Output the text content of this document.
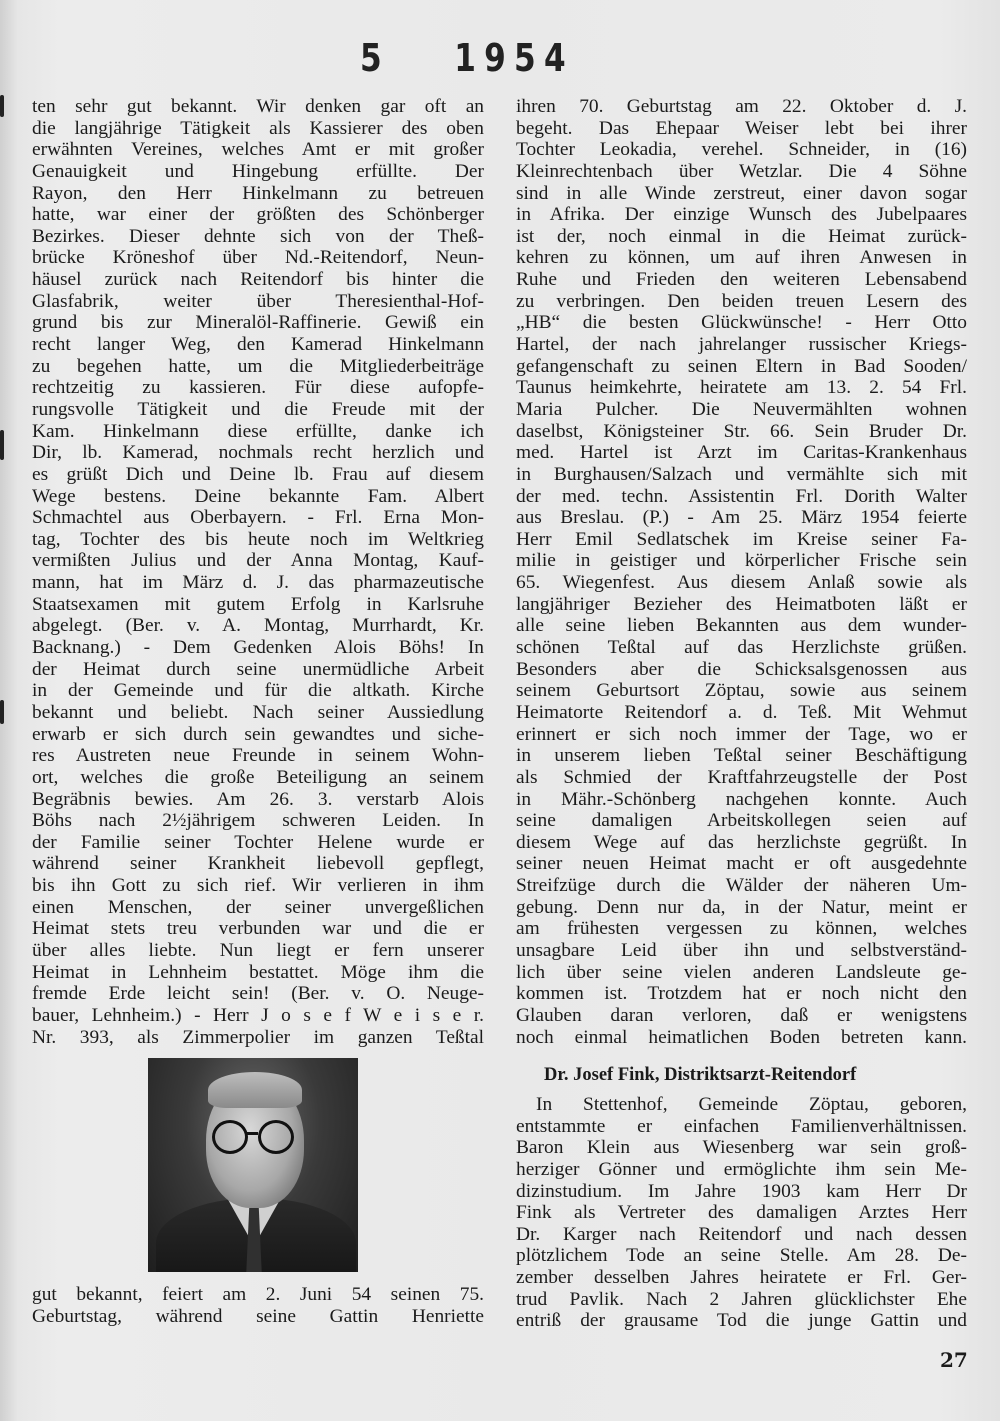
5 1954
ten sehr gut bekannt. Wir denken gar oft an
die langjährige Tätigkeit als Kassierer des oben
erwähnten Vereines, welches Amt er mit großer
Genauigkeit und Hingebung erfüllte. Der
Rayon, den Herr Hinkelmann zu betreuen
hatte, war einer der größten des Schönberger
Bezirkes. Dieser dehnte sich von der Theß-
brücke Kröneshof über Nd.-Reitendorf, Neun-
häusel zurück nach Reitendorf bis hinter die
Glasfabrik, weiter über Theresienthal-Hof-
grund bis zur Mineralöl-Raffinerie. Gewiß ein
recht langer Weg, den Kamerad Hinkelmann
zu begehen hatte, um die Mitgliederbeiträge
rechtzeitig zu kassieren. Für diese aufopfe-
rungsvolle Tätigkeit und die Freude mit der
Kam. Hinkelmann diese erfüllte, danke ich
Dir, lb. Kamerad, nochmals recht herzlich und
es grüßt Dich und Deine lb. Frau auf diesem
Wege bestens. Deine bekannte Fam. Albert
Schmachtel aus Oberbayern. - Frl. Erna Mon-
tag, Tochter des bis heute noch im Weltkrieg
vermißten Julius und der Anna Montag, Kauf-
mann, hat im März d. J. das pharmazeutische
Staatsexamen mit gutem Erfolg in Karlsruhe
abgelegt. (Ber. v. A. Montag, Murrhardt, Kr.
Backnang.) - Dem Gedenken Alois Böhs! In
der Heimat durch seine unermüdliche Arbeit
in der Gemeinde und für die altkath. Kirche
bekannt und beliebt. Nach seiner Aussiedlung
erwarb er sich durch sein gewandtes und siche-
res Austreten neue Freunde in seinem Wohn-
ort, welches die große Beteiligung an seinem
Begräbnis bewies. Am 26. 3. verstarb Alois
Böhs nach 2½jährigem schweren Leiden. In
der Familie seiner Tochter Helene wurde er
während seiner Krankheit liebevoll gepflegt,
bis ihn Gott zu sich rief. Wir verlieren in ihm
einen Menschen, der seiner unvergeßlichen
Heimat stets treu verbunden war und die er
über alles liebte. Nun liegt er fern unserer
Heimat in Lehnheim bestattet. Möge ihm die
fremde Erde leicht sein! (Ber. v. O. Neuge-
bauer, Lehnheim.) - Herr J o s e f W e i s e r.
Nr. 393, als Zimmerpolier im ganzen Teßtal
gut bekannt, feiert am 2. Juni 54 seinen 75.
Geburtstag, während seine Gattin Henriette
ihren 70. Geburtstag am 22. Oktober d. J.
begeht. Das Ehepaar Weiser lebt bei ihrer
Tochter Leokadia, verehel. Schneider, in (16)
Kleinrechtenbach über Wetzlar. Die 4 Söhne
sind in alle Winde zerstreut, einer davon sogar
in Afrika. Der einzige Wunsch des Jubelpaares
ist der, noch einmal in die Heimat zurück-
kehren zu können, um auf ihren Anwesen in
Ruhe und Frieden den weiteren Lebensabend
zu verbringen. Den beiden treuen Lesern des
„HB“ die besten Glückwünsche! - Herr Otto
Hartel, der nach jahrelanger russischer Kriegs-
gefangenschaft zu seinen Eltern in Bad Sooden/
Taunus heimkehrte, heiratete am 13. 2. 54 Frl.
Maria Pulcher. Die Neuvermählten wohnen
daselbst, Königsteiner Str. 66. Sein Bruder Dr.
med. Hartel ist Arzt im Caritas-Krankenhaus
in Burghausen/Salzach und vermählte sich mit
der med. techn. Assistentin Frl. Dorith Walter
aus Breslau. (P.) - Am 25. März 1954 feierte
Herr Emil Sedlatschek im Kreise seiner Fa-
milie in geistiger und körperlicher Frische sein
65. Wiegenfest. Aus diesem Anlaß sowie als
langjähriger Bezieher des Heimatboten läßt er
alle seine lieben Bekannten aus dem wunder-
schönen Teßtal auf das Herzlichste grüßen.
Besonders aber die Schicksalsgenossen aus
seinem Geburtsort Zöptau, sowie aus seinem
Heimatorte Reitendorf a. d. Teß. Mit Wehmut
erinnert er sich noch immer der Tage, wo er
in unserem lieben Teßtal seiner Beschäftigung
als Schmied der Kraftfahrzeugstelle der Post
in Mähr.-Schönberg nachgehen konnte. Auch
seine damaligen Arbeitskollegen seien auf
diesem Wege auf das herzlichste gegrüßt. In
seiner neuen Heimat macht er oft ausgedehnte
Streifzüge durch die Wälder der näheren Um-
gebung. Denn nur da, in der Natur, meint er
am frühesten vergessen zu können, welches
unsagbare Leid über ihn und selbstverständ-
lich über seine vielen anderen Landsleute ge-
kommen ist. Trotzdem hat er noch nicht den
Glauben daran verloren, daß er wenigstens
noch einmal heimatlichen Boden betreten kann.
Dr. Josef Fink, Distriktsarzt-Reitendorf
In Stettenhof, Gemeinde Zöptau, geboren,
entstammte er einfachen Familienverhältnissen.
Baron Klein aus Wiesenberg war sein groß-
herziger Gönner und ermöglichte ihm sein Me-
dizinstudium. Im Jahre 1903 kam Herr Dr
Fink als Vertreter des damaligen Arztes Herr
Dr. Karger nach Reitendorf und nach dessen
plötzlichem Tode an seine Stelle. Am 28. De-
zember desselben Jahres heiratete er Frl. Ger-
trud Pavlik. Nach 2 Jahren glücklichster Ehe
entriß der grausame Tod die junge Gattin und
27
